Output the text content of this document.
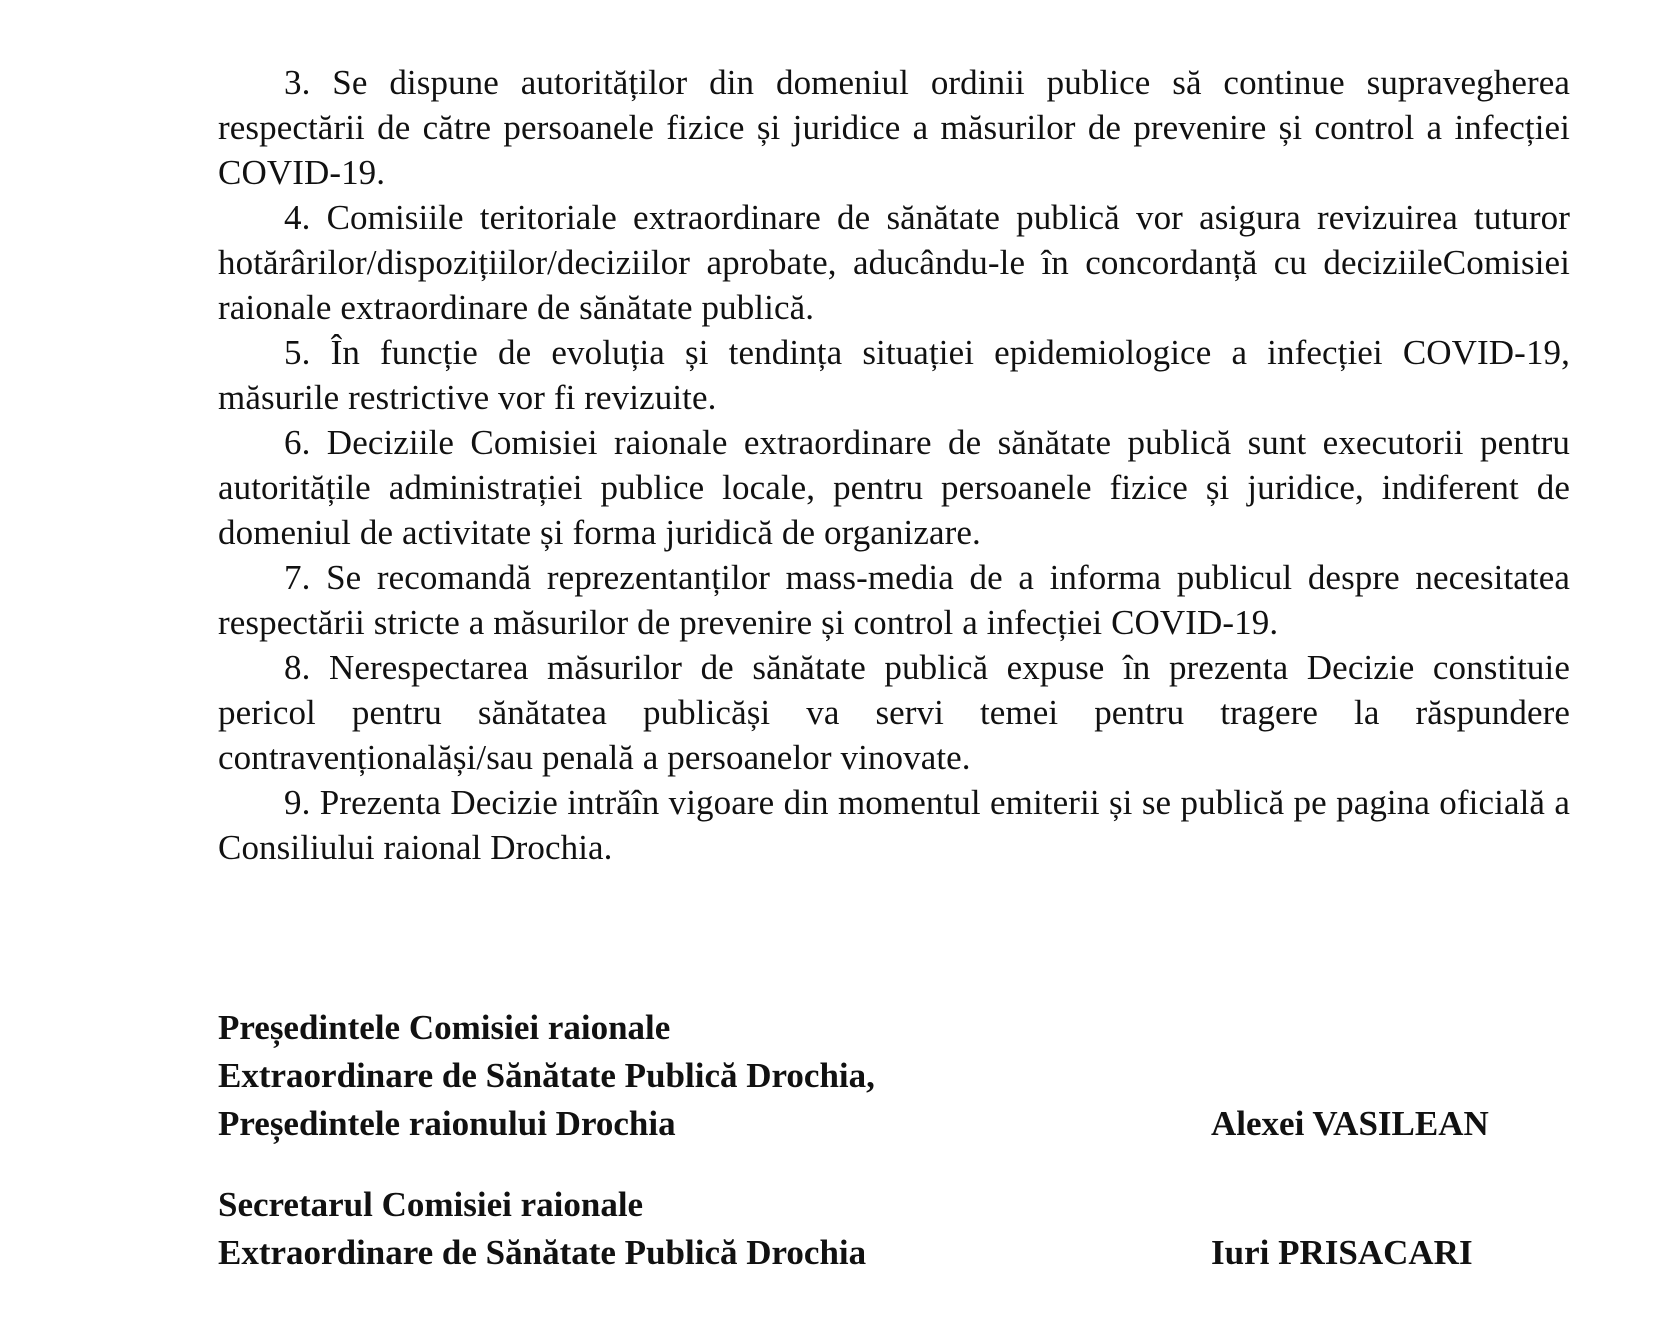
3. Se dispune autorităților din domeniul ordinii publice să continue supravegherea respectării de către persoanele fizice și juridice a măsurilor de prevenire și control a infecției COVID-19.

4. Comisiile teritoriale extraordinare de sănătate publică vor asigura revizuirea tuturor hotărârilor/dispozițiilor/deciziilor aprobate, aducându-le în concordanță cu deciziileComisiei raionale extraordinare de sănătate publică.

5. În funcție de evoluția și tendința situației epidemiologice a infecției COVID-19, măsurile restrictive vor fi revizuite.

6. Deciziile Comisiei raionale extraordinare de sănătate publică sunt executorii pentru autoritățile administrației publice locale, pentru persoanele fizice și juridice, indiferent de domeniul de activitate și forma juridică de organizare.

7. Se recomandă reprezentanților mass-media de a informa publicul despre necesitatea respectării stricte a măsurilor de prevenire și control a infecției COVID-19.

8. Nerespectarea măsurilor de sănătate publică expuse în prezenta Decizie constituie pericol pentru sănătatea publicăși va servi temei pentru tragere la răspundere contravenționalăși/sau penală a persoanelor vinovate.

9. Prezenta Decizie intrăîn vigoare din momentul emiterii și se publică pe pagina oficială a Consiliului raional Drochia.

Președintele Comisiei raionale
Extraordinare de Sănătate Publică Drochia,
Președintele raionului Drochia	Alexei VASILEAN
Secretarul Comisiei raionale
Extraordinare de Sănătate Publică Drochia	Iuri PRISACARI
